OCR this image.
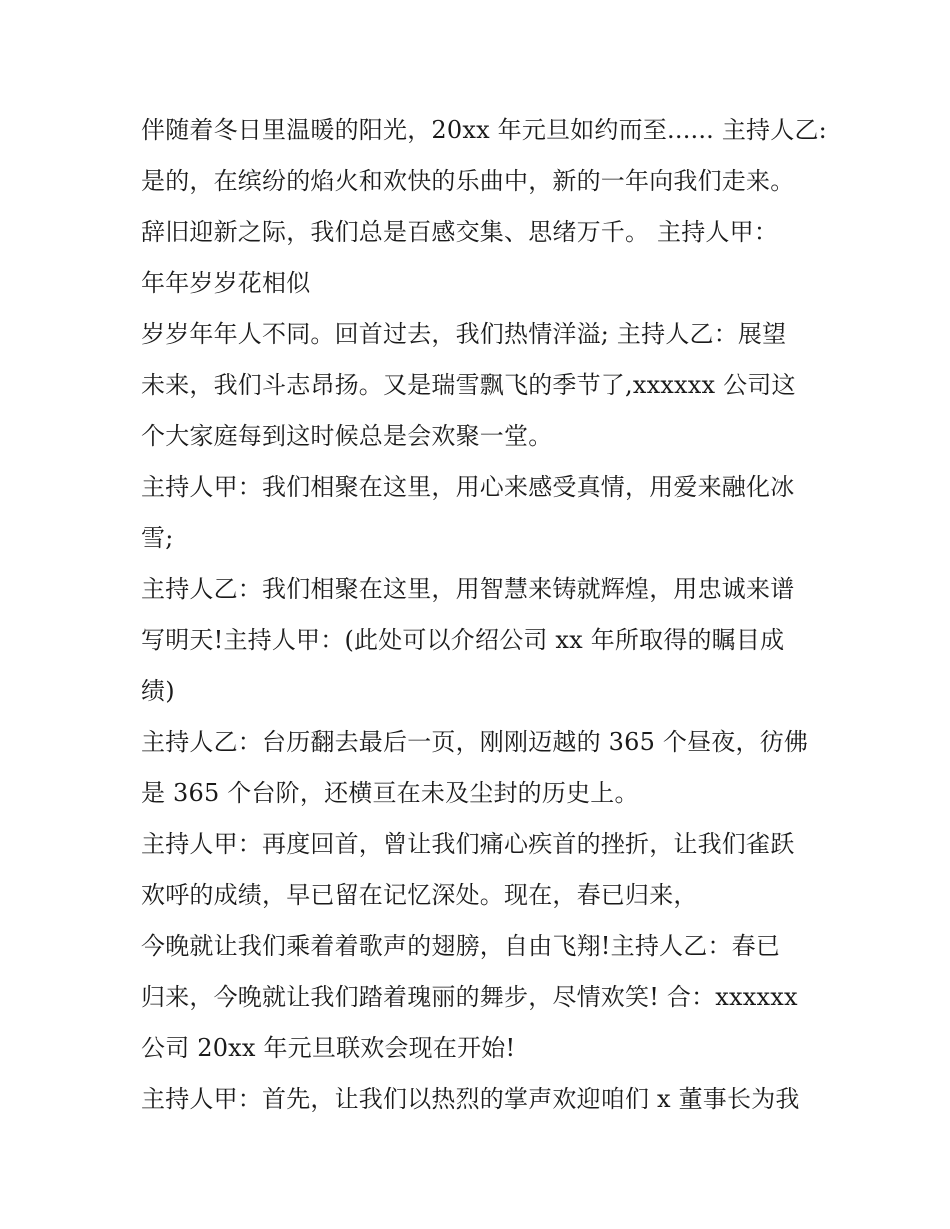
伴随着冬日里温暖的阳光，20xx 年元旦如约而至...... 主持人乙:
是的，在缤纷的焰火和欢快的乐曲中，新的一年向我们走来。
辞旧迎新之际，我们总是百感交集、思绪万千。 主持人甲：
年年岁岁花相似
岁岁年年人不同。回首过去，我们热情洋溢; 主持人乙：展望
未来，我们斗志昂扬。又是瑞雪飘飞的季节了,xxxxxx 公司这
个大家庭每到这时候总是会欢聚一堂。
主持人甲：我们相聚在这里，用心来感受真情，用爱来融化冰
雪;
主持人乙：我们相聚在这里，用智慧来铸就辉煌，用忠诚来谱
写明天!主持人甲：(此处可以介绍公司 xx 年所取得的瞩目成
绩)
主持人乙：台历翻去最后一页，刚刚迈越的 365 个昼夜，彷佛
是 365 个台阶，还横亘在未及尘封的历史上。
主持人甲：再度回首，曾让我们痛心疾首的挫折，让我们雀跃
欢呼的成绩，早已留在记忆深处。现在，春已归来，
今晚就让我们乘着着歌声的翅膀，自由飞翔!主持人乙：春已
归来，今晚就让我们踏着瑰丽的舞步，尽情欢笑! 合：xxxxxx
公司 20xx 年元旦联欢会现在开始!
主持人甲：首先，让我们以热烈的掌声欢迎咱们 x 董事长为我
